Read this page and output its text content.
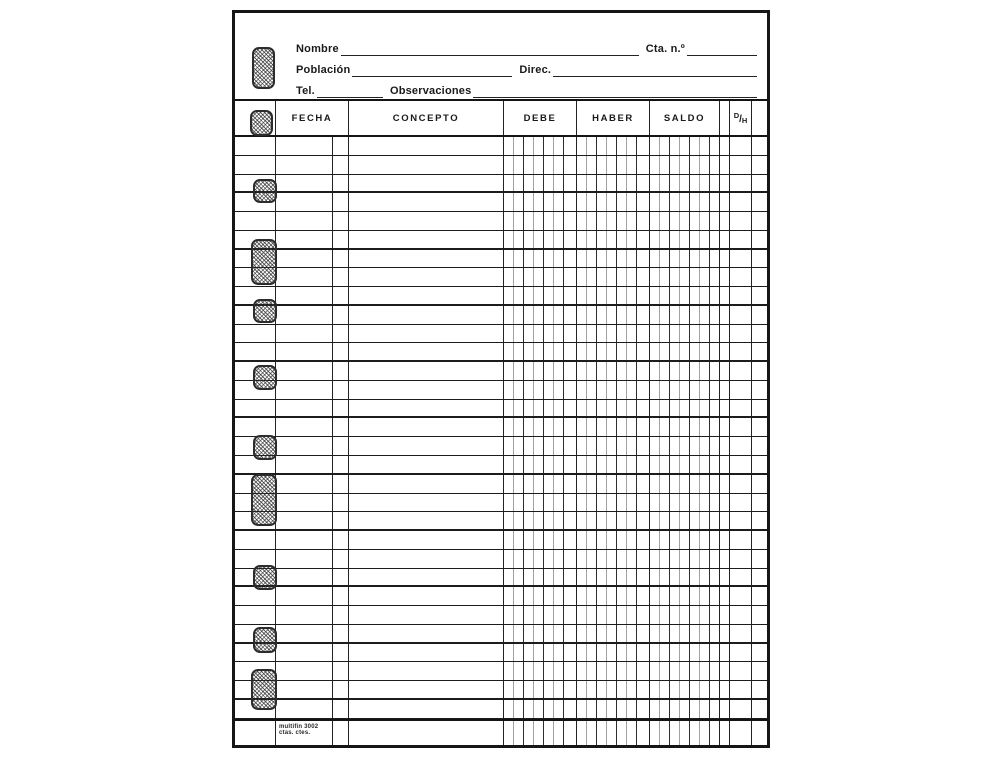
Nombre	Cta. n.º
Población	Direc.
Tel.	Observaciones
FECHA	CONCEPTO	DEBE	HABER	SALDO	$^D$/H
multifin 3002
ctas. ctes.
